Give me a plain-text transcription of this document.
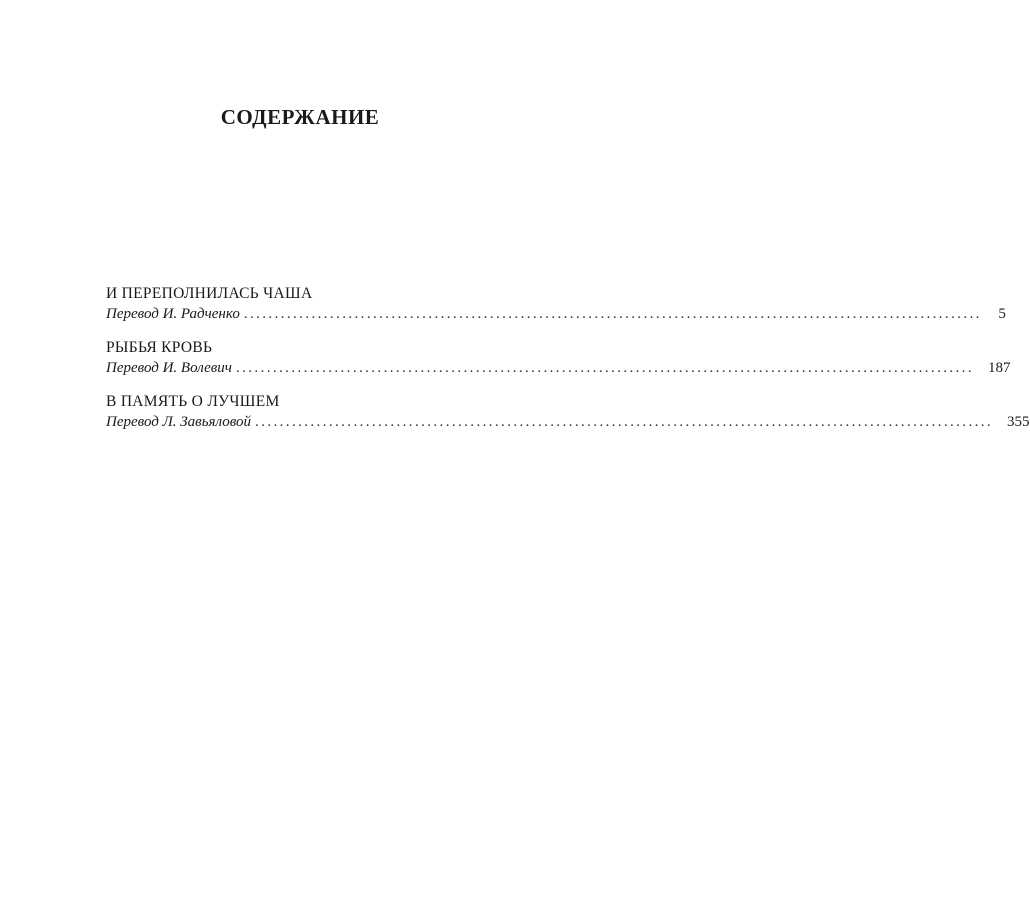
СОДЕРЖАНИЕ
И ПЕРЕПОЛНИЛАСЬ ЧАША
Перевод И. Радченко ........................................................................................................................ 5
РЫБЬЯ КРОВЬ
Перевод И. Волевич ........................................................................................................................ 187
В ПАМЯТЬ О ЛУЧШЕМ
Перевод Л. Завьяловой ........................................................................................................................ 355
